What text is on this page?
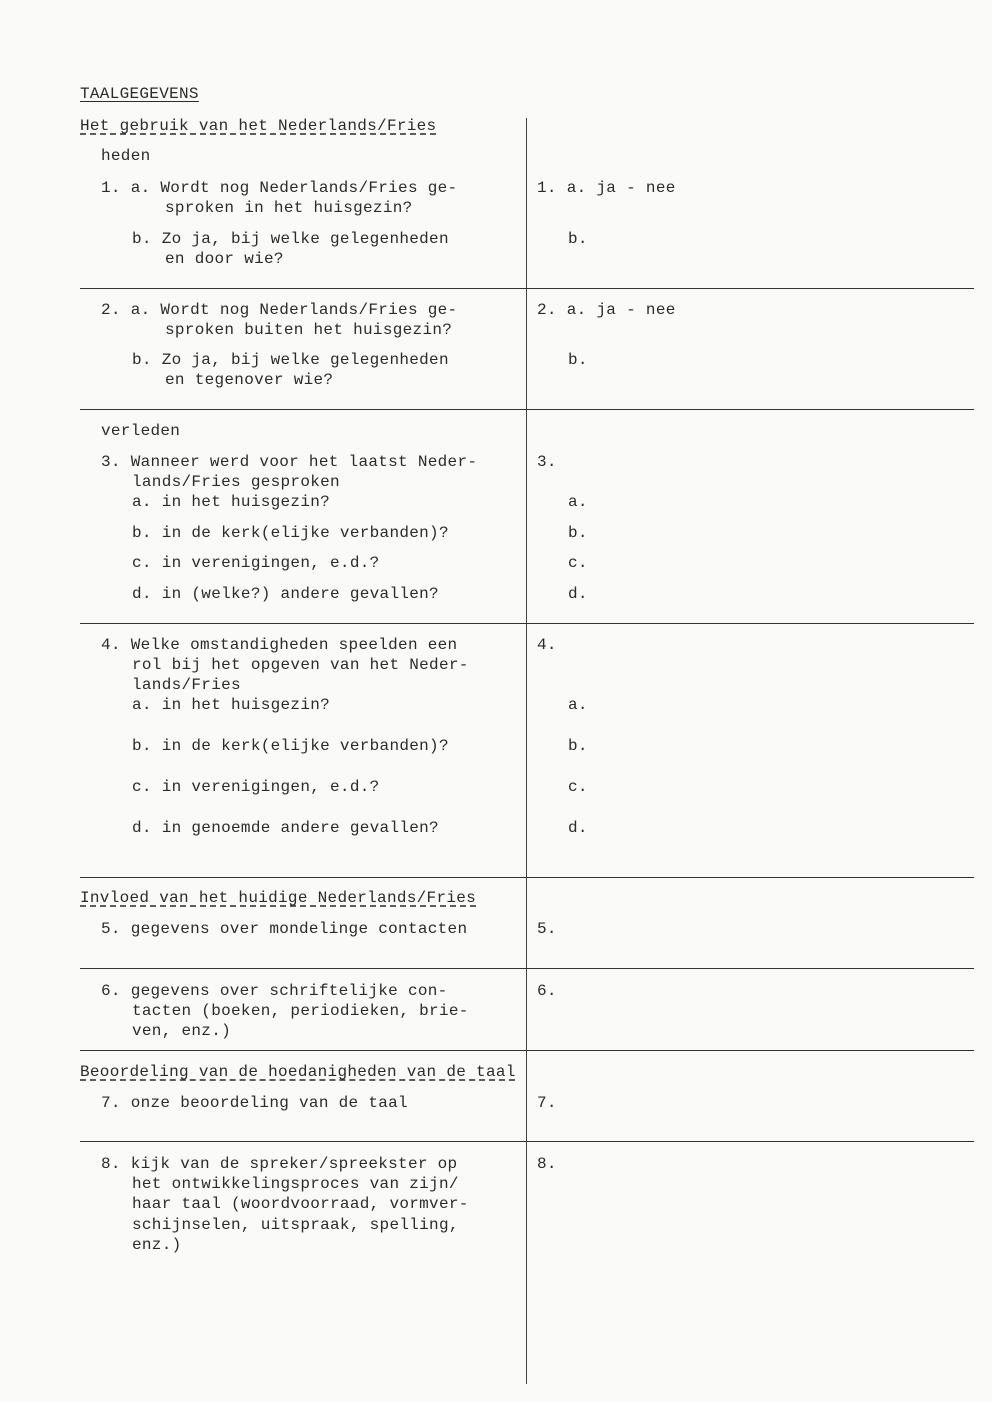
TAALGEGEVENS
Het gebruik van het Nederlands/Fries
heden
1. a. Wordt nog Nederlands/Fries ge-
sproken in het huisgezin?
b. Zo ja, bij welke gelegenheden
en door wie?
1. a. ja - nee
b.
2. a. Wordt nog Nederlands/Fries ge-
sproken buiten het huisgezin?
b. Zo ja, bij welke gelegenheden
en tegenover wie?
2. a. ja - nee
b.
verleden
3. Wanneer werd voor het laatst Neder-
lands/Fries gesproken
a. in het huisgezin?
b. in de kerk(elijke verbanden)?
c. in verenigingen, e.d.?
d. in (welke?) andere gevallen?
3.
a.
b.
c.
d.
4. Welke omstandigheden speelden een
rol bij het opgeven van het Neder-
lands/Fries
a. in het huisgezin?
b. in de kerk(elijke verbanden)?
c. in verenigingen, e.d.?
d. in genoemde andere gevallen?
4.
a.
b.
c.
d.
Invloed van het huidige Nederlands/Fries
5. gegevens over mondelinge contacten	5.
6. gegevens over schriftelijke con-
tacten (boeken, periodieken, brie-
ven, enz.)
6.
Beoordeling van de hoedanigheden van de taal
7. onze beoordeling van de taal	7.
8. kijk van de spreker/spreekster op
het ontwikkelingsproces van zijn/
haar taal (woordvoorraad, vormver-
schijnselen, uitspraak, spelling,
enz.)
8.
